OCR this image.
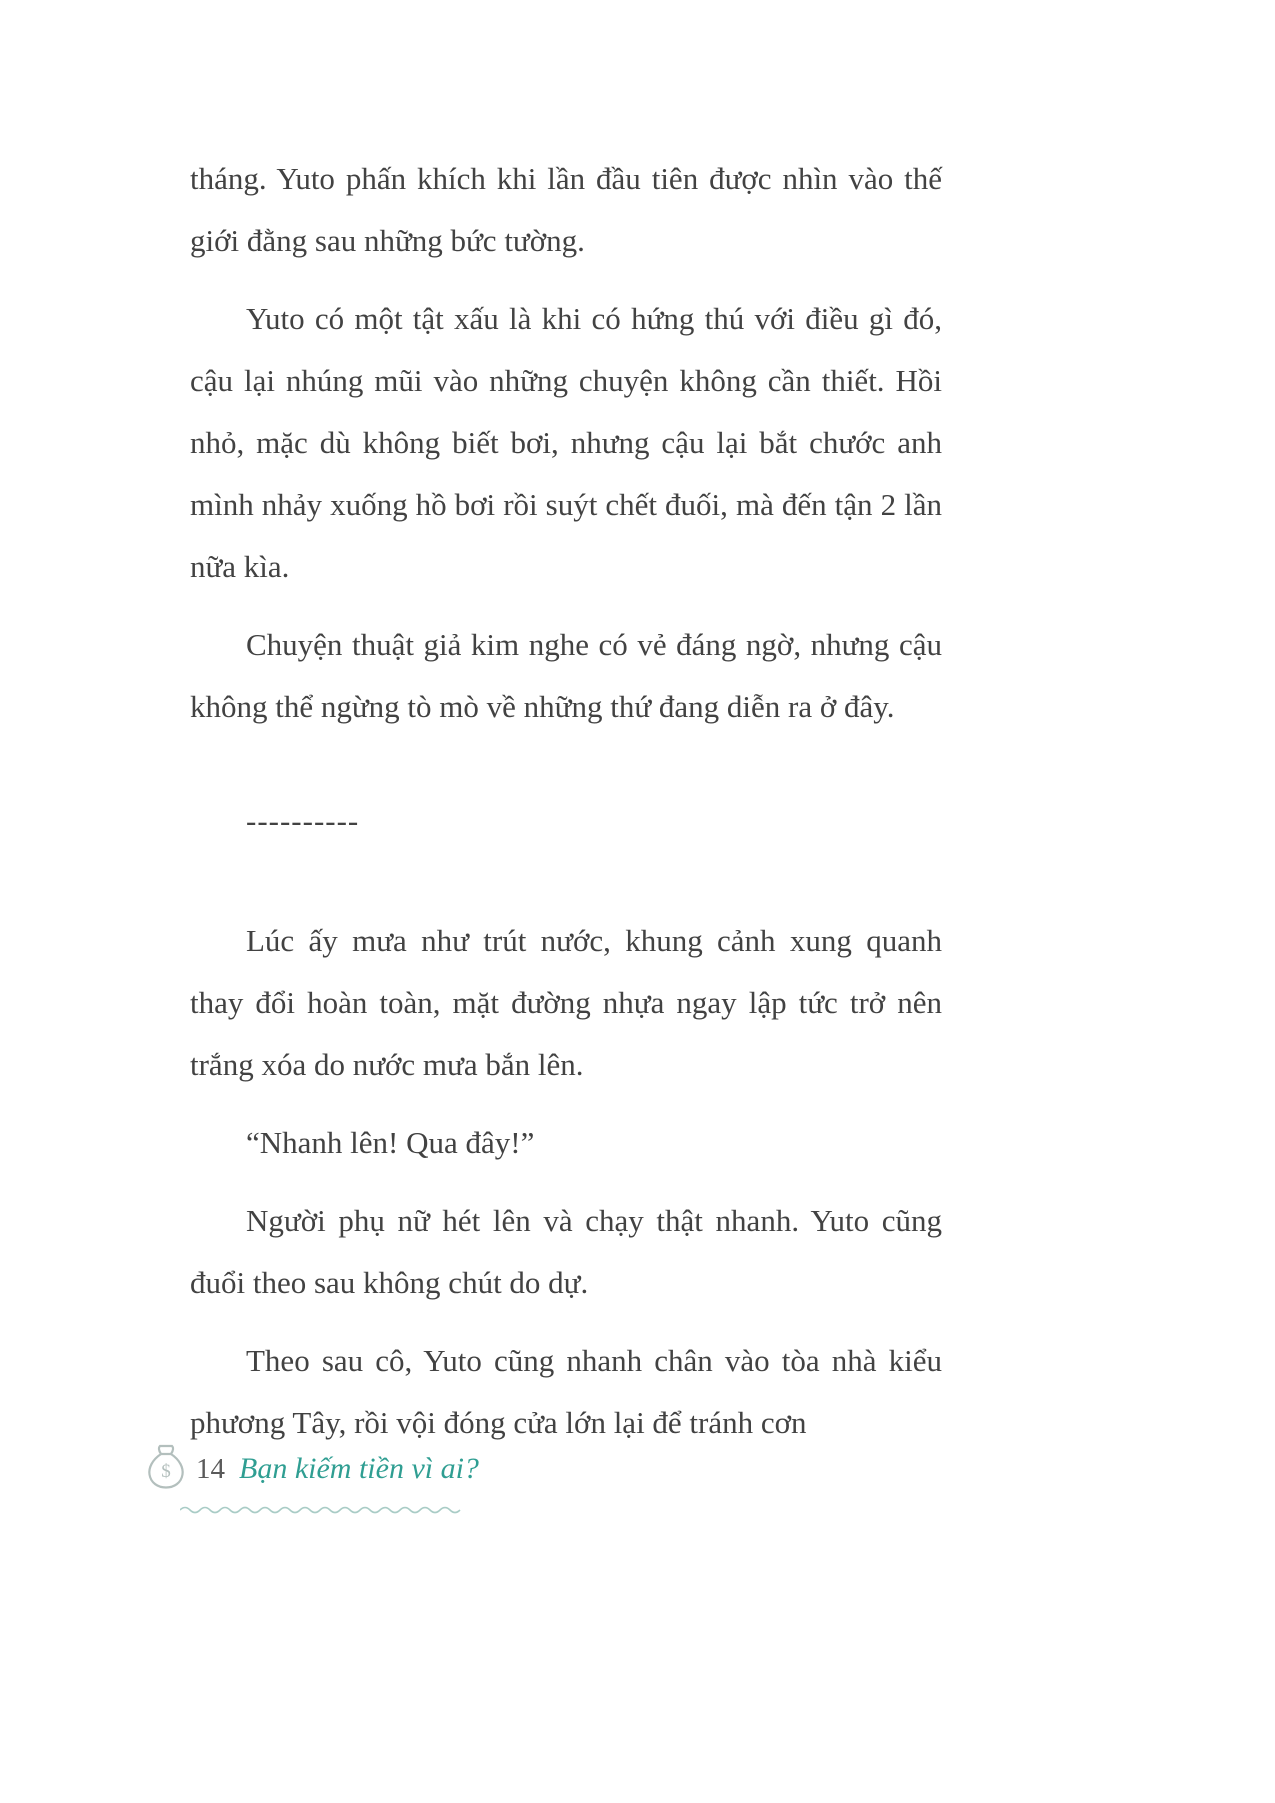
tháng. Yuto phấn khích khi lần đầu tiên được nhìn vào thế giới đằng sau những bức tường.

Yuto có một tật xấu là khi có hứng thú với điều gì đó, cậu lại nhúng mũi vào những chuyện không cần thiết. Hồi nhỏ, mặc dù không biết bơi, nhưng cậu lại bắt chước anh mình nhảy xuống hồ bơi rồi suýt chết đuối, mà đến tận 2 lần nữa kìa.

Chuyện thuật giả kim nghe có vẻ đáng ngờ, nhưng cậu không thể ngừng tò mò về những thứ đang diễn ra ở đây.

----------

Lúc ấy mưa như trút nước, khung cảnh xung quanh thay đổi hoàn toàn, mặt đường nhựa ngay lập tức trở nên trắng xóa do nước mưa bắn lên.

“Nhanh lên! Qua đây!”

Người phụ nữ hét lên và chạy thật nhanh. Yuto cũng đuổi theo sau không chút do dự.

Theo sau cô, Yuto cũng nhanh chân vào tòa nhà kiểu phương Tây, rồi vội đóng cửa lớn lại để tránh cơn

$ 14 Bạn kiếm tiền vì ai?
